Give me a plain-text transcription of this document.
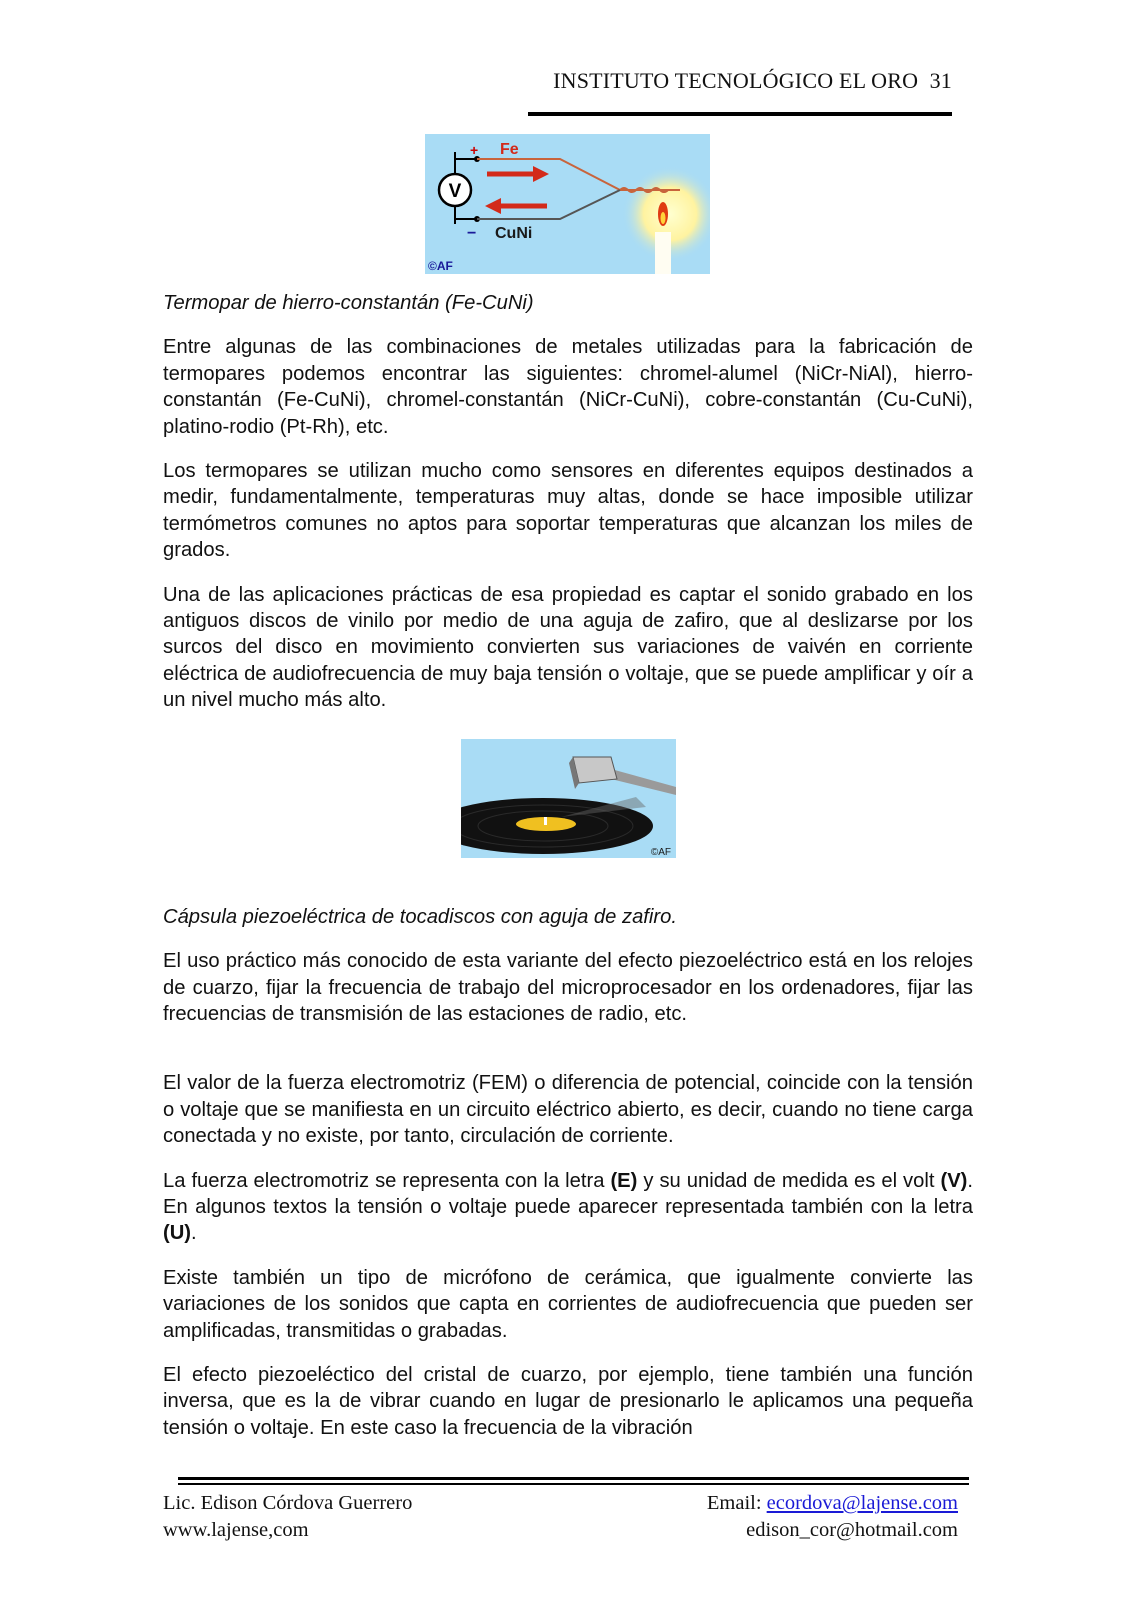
INSTITUTO TECNOLÓGICO EL ORO 31
V
+
−
Fe
CuNi
©AF
©AF

Termopar de hierro-constantán (Fe-CuNi)

Entre algunas de las combinaciones de metales utilizadas para la fabricación de termopares podemos encontrar las siguientes: chromel-alumel (NiCr-NiAl), hierro-constantán (Fe-CuNi), chromel-constantán (NiCr-CuNi), cobre-constantán (Cu-CuNi), platino-rodio (Pt-Rh), etc.

Los termopares se utilizan mucho como sensores en diferentes equipos destinados a medir, fundamentalmente, temperaturas muy altas, donde se hace imposible utilizar termómetros comunes no aptos para soportar temperaturas que alcanzan los miles de grados.

Una de las aplicaciones prácticas de esa propiedad es captar el sonido grabado en los antiguos discos de vinilo por medio de una aguja de zafiro, que al deslizarse por los surcos del disco en movimiento convierten sus variaciones de vaivén en corriente eléctrica de audiofrecuencia de muy baja tensión o voltaje, que se puede amplificar y oír a un nivel mucho más alto.

Cápsula piezoeléctrica de tocadiscos con aguja de zafiro.

El uso práctico más conocido de esta variante del efecto piezoeléctrico está en los relojes de cuarzo, fijar la frecuencia de trabajo del microprocesador en los ordenadores, fijar las frecuencias de transmisión de las estaciones de radio, etc.

El valor de la fuerza electromotriz (FEM) o diferencia de potencial, coincide con la tensión o voltaje que se manifiesta en un circuito eléctrico abierto, es decir, cuando no tiene carga conectada y no existe, por tanto, circulación de corriente.

La fuerza electromotriz se representa con la letra (E) y su unidad de medida es el volt (V). En algunos textos la tensión o voltaje puede aparecer representada también con la letra (U).

Existe también un tipo de micrófono de cerámica, que igualmente convierte las variaciones de los sonidos que capta en corrientes de audiofrecuencia que pueden ser amplificadas, transmitidas o grabadas.

El efecto piezoeléctico del cristal de cuarzo, por ejemplo, tiene también una función inversa, que es la de vibrar cuando en lugar de presionarlo le aplicamos una pequeña tensión o voltaje. En este caso la frecuencia de la vibración

Lic. Edison Córdova Guerrero
www.lajense,com
Email: ecordova@lajense.com
edison_cor@hotmail.com
